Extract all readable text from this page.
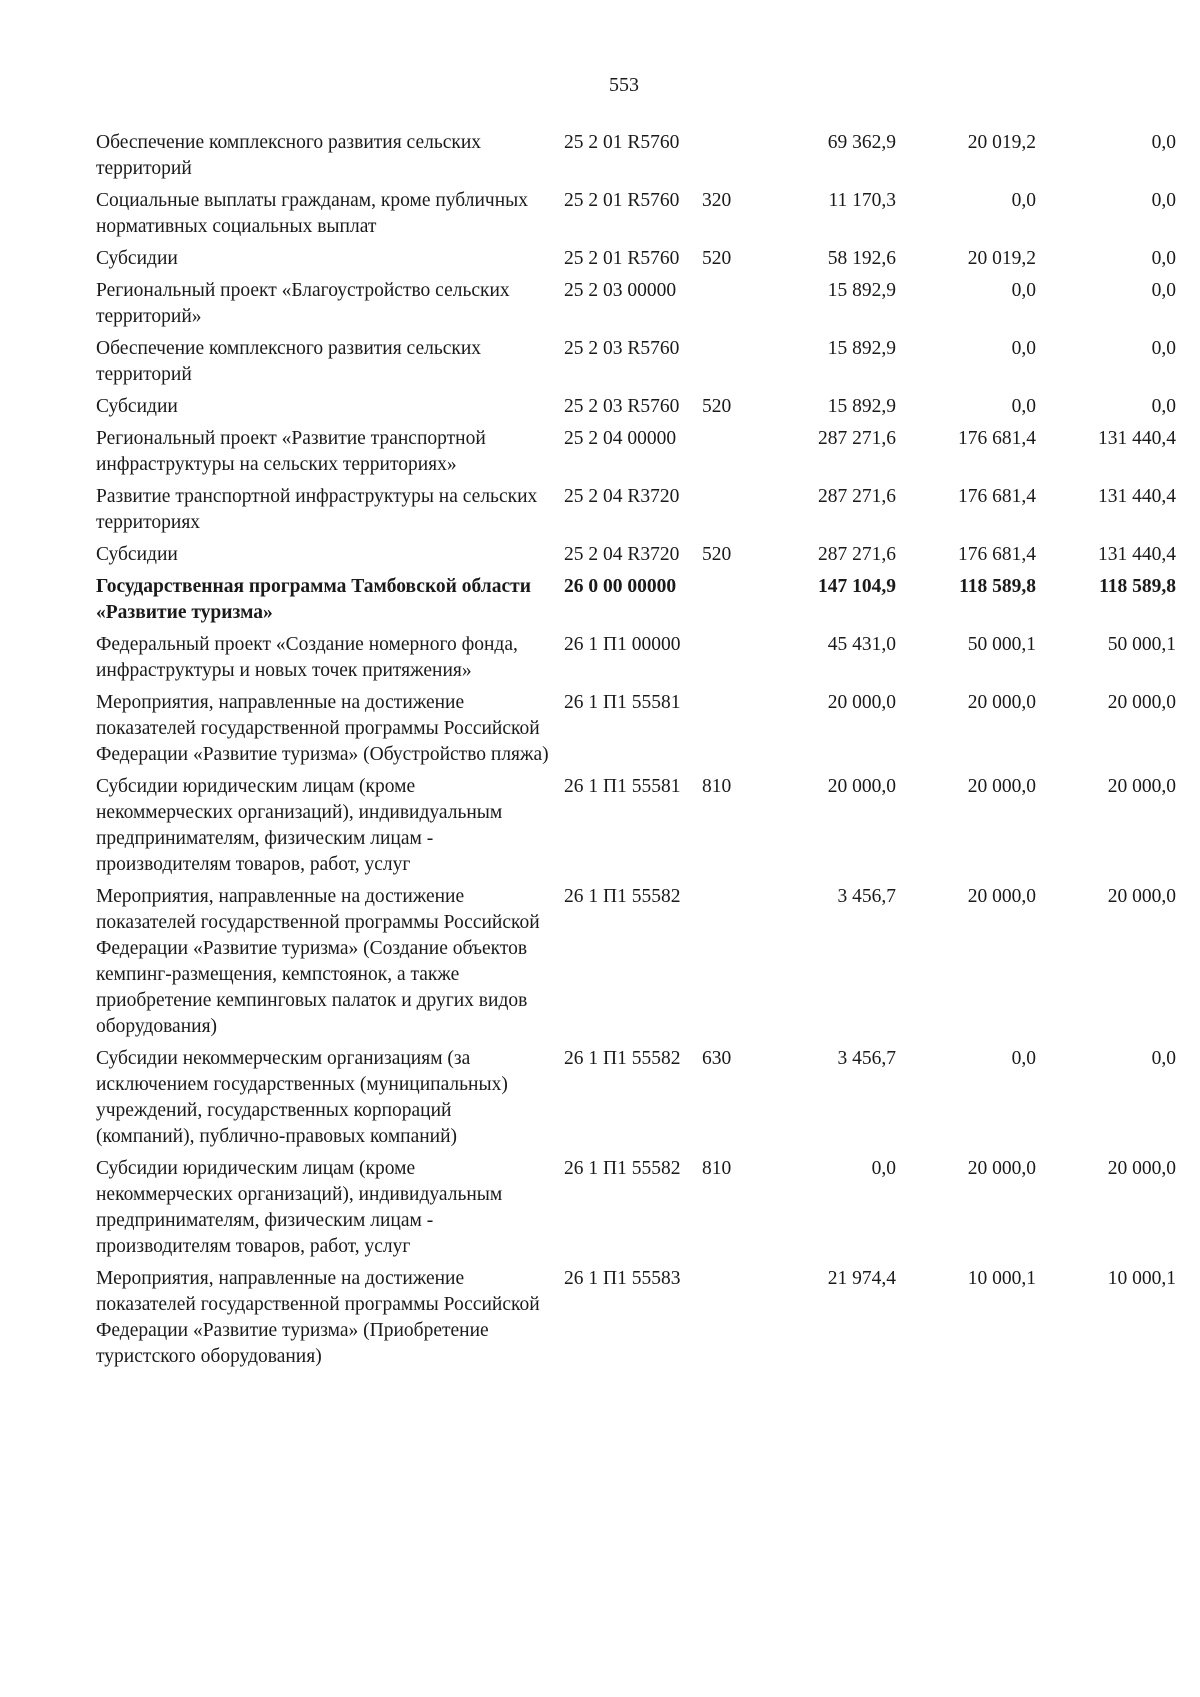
553
Обеспечение комплексного развития сельских территорий	25 2 01 R5760		69 362,9	20 019,2	0,0
Социальные выплаты гражданам, кроме публичных нормативных социальных выплат	25 2 01 R5760	320	11 170,3	0,0	0,0
Субсидии	25 2 01 R5760	520	58 192,6	20 019,2	0,0
Региональный проект «Благоустройство сельских территорий»	25 2 03 00000		15 892,9	0,0	0,0
Обеспечение комплексного развития сельских территорий	25 2 03 R5760		15 892,9	0,0	0,0
Субсидии	25 2 03 R5760	520	15 892,9	0,0	0,0
Региональный проект «Развитие транспортной инфраструктуры на сельских территориях»	25 2 04 00000		287 271,6	176 681,4	131 440,4
Развитие транспортной инфраструктуры на сельских территориях	25 2 04 R3720		287 271,6	176 681,4	131 440,4
Субсидии	25 2 04 R3720	520	287 271,6	176 681,4	131 440,4
Государственная программа Тамбовской области «Развитие туризма»	26 0 00 00000		147 104,9	118 589,8	118 589,8
Федеральный проект «Создание номерного фонда, инфраструктуры и новых точек притяжения»	26 1 П1 00000		45 431,0	50 000,1	50 000,1
Мероприятия, направленные на достижение показателей государственной программы Российской Федерации «Развитие туризма» (Обустройство пляжа)	26 1 П1 55581		20 000,0	20 000,0	20 000,0
Субсидии юридическим лицам (кроме некоммерческих организаций), индивидуальным предпринимателям, физическим лицам - производителям товаров, работ, услуг	26 1 П1 55581	810	20 000,0	20 000,0	20 000,0
Мероприятия, направленные на достижение показателей государственной программы Российской Федерации «Развитие туризма» (Создание объектов кемпинг-размещения, кемпстоянок, а также приобретение кемпинговых палаток и других видов оборудования)	26 1 П1 55582		3 456,7	20 000,0	20 000,0
Субсидии некоммерческим организациям (за исключением государственных (муниципальных) учреждений, государственных корпораций (компаний), публично-правовых компаний)	26 1 П1 55582	630	3 456,7	0,0	0,0
Субсидии юридическим лицам (кроме некоммерческих организаций), индивидуальным предпринимателям, физическим лицам - производителям товаров, работ, услуг	26 1 П1 55582	810	0,0	20 000,0	20 000,0
Мероприятия, направленные на достижение показателей государственной программы Российской Федерации «Развитие туризма» (Приобретение туристского оборудования)	26 1 П1 55583		21 974,4	10 000,1	10 000,1
